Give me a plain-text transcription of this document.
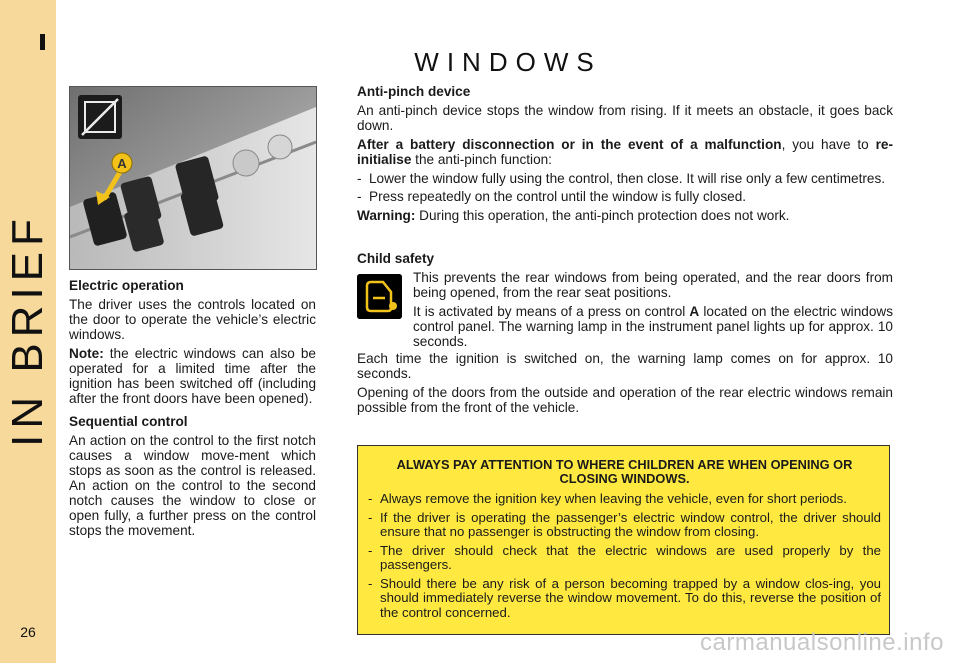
IN BRIEF
26
WINDOWS
A
Electric operation

The driver uses the controls located on the door to operate the vehicle’s electric windows.

Note: the electric windows can also be operated for a limited time after the ignition has been switched off (including after the front doors have been opened).

Sequential control

An action on the control to the first notch causes a window move-ment which stops as soon as the control is released. An action on the control to the second notch causes the window to close or open fully, a further press on the control stops the movement.

Anti-pinch device

An anti-pinch device stops the window from rising. If it meets an obstacle, it goes back down.

After a battery disconnection or in the event of a malfunction, you have to re-initialise the anti-pinch function:

- Lower the window fully using the control, then close. It will rise only a few centimetres.
- Press repeatedly on the control until the window is fully closed.

Warning: During this operation, the anti-pinch protection does not work.

Child safety

This prevents the rear windows from being operated, and the rear doors from being opened, from the rear seat positions.

It is activated by means of a press on control A located on the electric windows control panel. The warning lamp in the instrument panel lights up for approx. 10 seconds.

Each time the ignition is switched on, the warning lamp comes on for approx. 10 seconds.

Opening of the doors from the outside and operation of the rear electric windows remain possible from the front of the vehicle.

ALWAYS PAY ATTENTION TO WHERE CHILDREN ARE WHEN OPENING OR CLOSING WINDOWS.
- Always remove the ignition key when leaving the vehicle, even for short periods.
- If the driver is operating the passenger’s electric window control, the driver should ensure that no passenger is obstructing the window from closing.
- The driver should check that the electric windows are used properly by the passengers.
- Should there be any risk of a person becoming trapped by a window clos-ing, you should immediately reverse the window movement. To do this, reverse the position of the control concerned.
carmanualsonline.info
